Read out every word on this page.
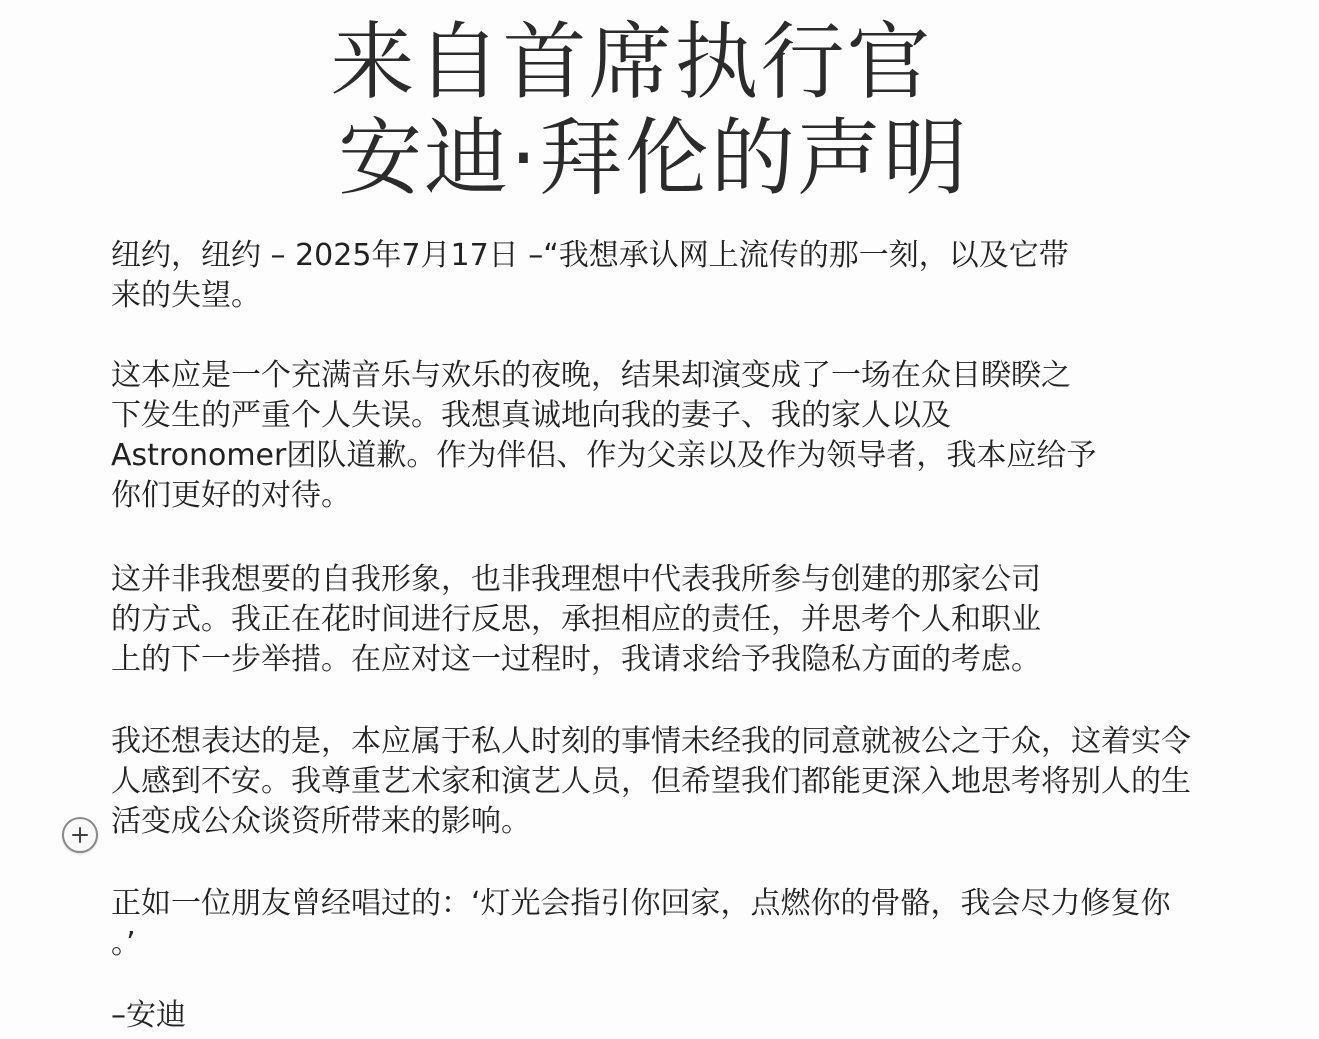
来自首席执行官
安迪·拜伦的声明

纽约，纽约 – 2025年7月17日 –“我想承认网上流传的那一刻，以及它带
来的失望。

这本应是一个充满音乐与欢乐的夜晚，结果却演变成了一场在众目睽睽之
下发生的严重个人失误。我想真诚地向我的妻子、我的家人以及
Astronomer团队道歉。作为伴侣、作为父亲以及作为领导者，我本应给予
你们更好的对待。

这并非我想要的自我形象，也非我理想中代表我所参与创建的那家公司
的方式。我正在花时间进行反思，承担相应的责任，并思考个人和职业
上的下一步举措。在应对这一过程时，我请求给予我隐私方面的考虑。

我还想表达的是，本应属于私人时刻的事情未经我的同意就被公之于众，这着实令
人感到不安。我尊重艺术家和演艺人员，但希望我们都能更深入地思考将别人的生
活变成公众谈资所带来的影响。

正如一位朋友曾经唱过的：‘灯光会指引你回家，点燃你的骨骼，我会尽力修复你
。’

–安迪
